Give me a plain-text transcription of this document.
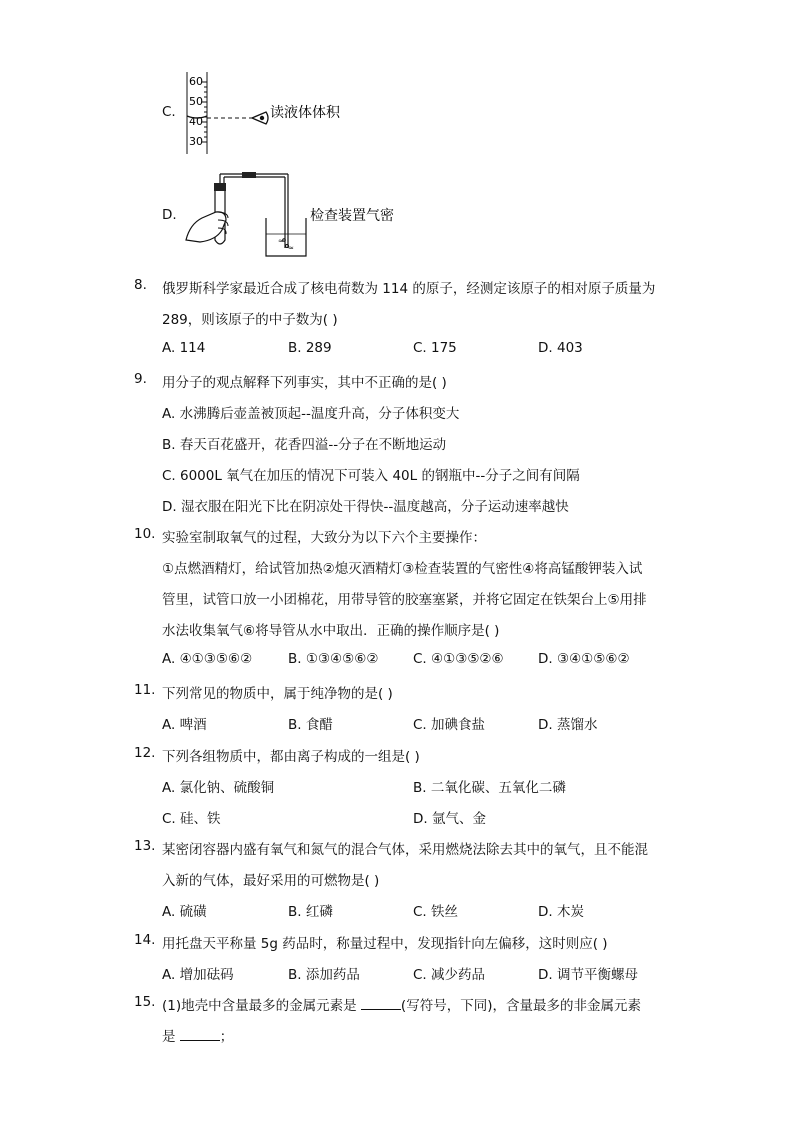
C.
60
50
40
30
读液体体积
D.
≈
≈
检查装置气密
8. 俄罗斯科学家最近合成了核电荷数为 114 的原子，经测定该原子的相对原子质量为
289，则该原子的中子数为( )
A. 114	B. 289	C. 175	D. 403
9. 用分子的观点解释下列事实，其中不正确的是( )
A. 水沸腾后壶盖被顶起--温度升高，分子体积变大
B. 春天百花盛开，花香四溢--分子在不断地运动
C. 6000L 氧气在加压的情况下可装入 40L 的钢瓶中--分子之间有间隔
D. 湿衣服在阳光下比在阴凉处干得快--温度越高，分子运动速率越快
10. 实验室制取氧气的过程，大致分为以下六个主要操作：
①点燃酒精灯，给试管加热②熄灭酒精灯③检查装置的气密性④将高锰酸钾装入试
管里，试管口放一小团棉花，用带导管的胶塞塞紧，并将它固定在铁架台上⑤用排
水法收集氧气⑥将导管从水中取出．正确的操作顺序是( )
A. ④①③⑤⑥②	B. ①③④⑤⑥②	C. ④①③⑤②⑥	D. ③④①⑤⑥②
11. 下列常见的物质中，属于纯净物的是( )
A. 啤酒	B. 食醋	C. 加碘食盐	D. 蒸馏水
12. 下列各组物质中，都由离子构成的一组是( )
A. 氯化钠、硫酸铜	B. 二氧化碳、五氧化二磷
C. 硅、铁	D. 氩气、金
13. 某密闭容器内盛有氧气和氮气的混合气体，采用燃烧法除去其中的氧气，且不能混
入新的气体，最好采用的可燃物是( )
A. 硫磺	B. 红磷	C. 铁丝	D. 木炭
14. 用托盘天平称量 5g 药品时，称量过程中，发现指针向左偏移，这时则应( )
A. 增加砝码	B. 添加药品	C. 减少药品	D. 调节平衡螺母
15. (1)地壳中含量最多的金属元素是	(写符号，下同)，含量最多的非金属元素
是	；
